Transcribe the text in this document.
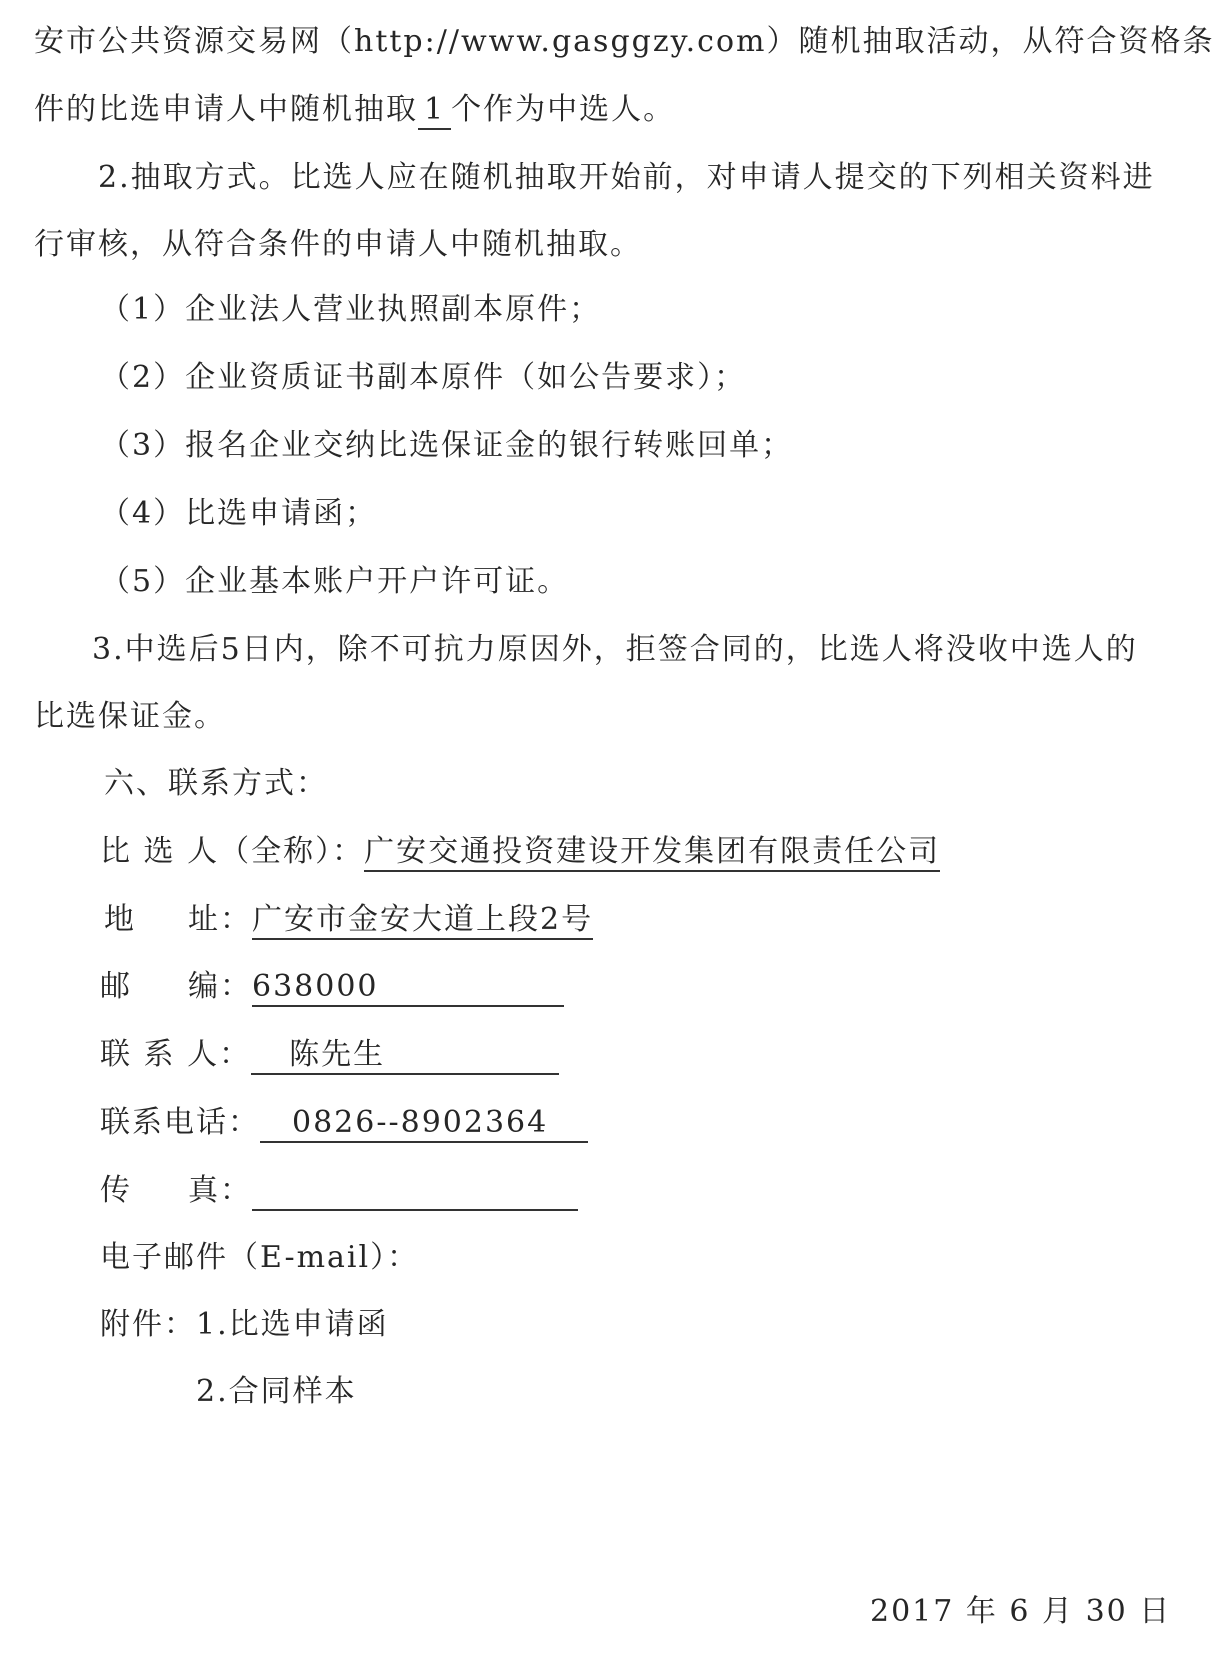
安市公共资源交易网（http://www.gasggzy.com）随机抽取活动，从符合资格条
件的比选申请人中随机抽取 1 个作为中选人。
2.抽取方式。比选人应在随机抽取开始前，对申请人提交的下列相关资料进
行审核，从符合条件的申请人中随机抽取。
（1）企业法人营业执照副本原件；
（2）企业资质证书副本原件（如公告要求）；
（3）报名企业交纳比选保证金的银行转账回单；
（4）比选申请函；
（5）企业基本账户开户许可证。
3.中选后5日内，除不可抗力原因外，拒签合同的，比选人将没收中选人的
比选保证金。
六、联系方式：
比 选 人（全称）：广安交通投资建设开发集团有限责任公司
地 址：广安市金安大道上段2号
邮 编：638000
联 系 人： 陈先生
联系电话： 0826--8902364
传 真：
电子邮件（E-mail）：
附件：1.比选申请函
2.合同样本
2017 年 6 月 30 日
